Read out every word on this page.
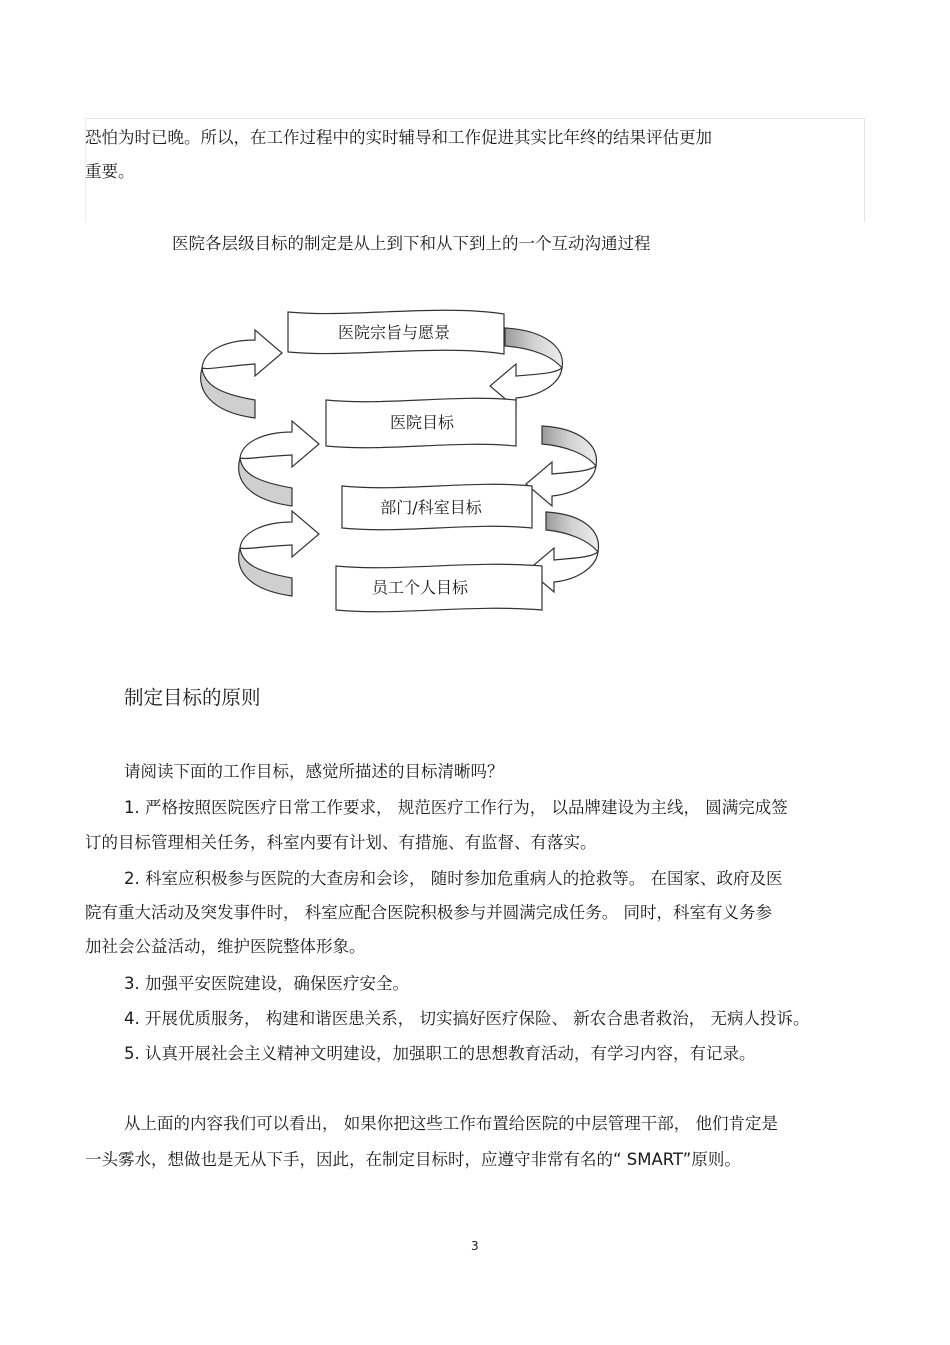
恐怕为时已晚。所以，在工作过程中的实时辅导和工作促进其实比年终的结果评估更加
重要。
医院各层级目标的制定是从上到下和从下到上的一个互动沟通过程
医院宗旨与愿景
医院目标
部门/科室目标
员工个人目标
制定目标的原则
请阅读下面的工作目标，感觉所描述的目标清晰吗？
1. 严格按照医院医疗日常工作要求， 规范医疗工作行为， 以品牌建设为主线， 圆满完成签
订的目标管理相关任务，科室内要有计划、有措施、有监督、有落实。
2. 科室应积极参与医院的大查房和会诊， 随时参加危重病人的抢救等。 在国家、政府及医
院有重大活动及突发事件时， 科室应配合医院积极参与并圆满完成任务。 同时，科室有义务参
加社会公益活动，维护医院整体形象。
3. 加强平安医院建设，确保医疗安全。
4. 开展优质服务， 构建和谐医患关系， 切实搞好医疗保险、 新农合患者救治， 无病人投诉。
5. 认真开展社会主义精神文明建设，加强职工的思想教育活动，有学习内容，有记录。
从上面的内容我们可以看出， 如果你把这些工作布置给医院的中层管理干部， 他们肯定是
一头雾水，想做也是无从下手，因此，在制定目标时，应遵守非常有名的“ SMART”原则。
3
